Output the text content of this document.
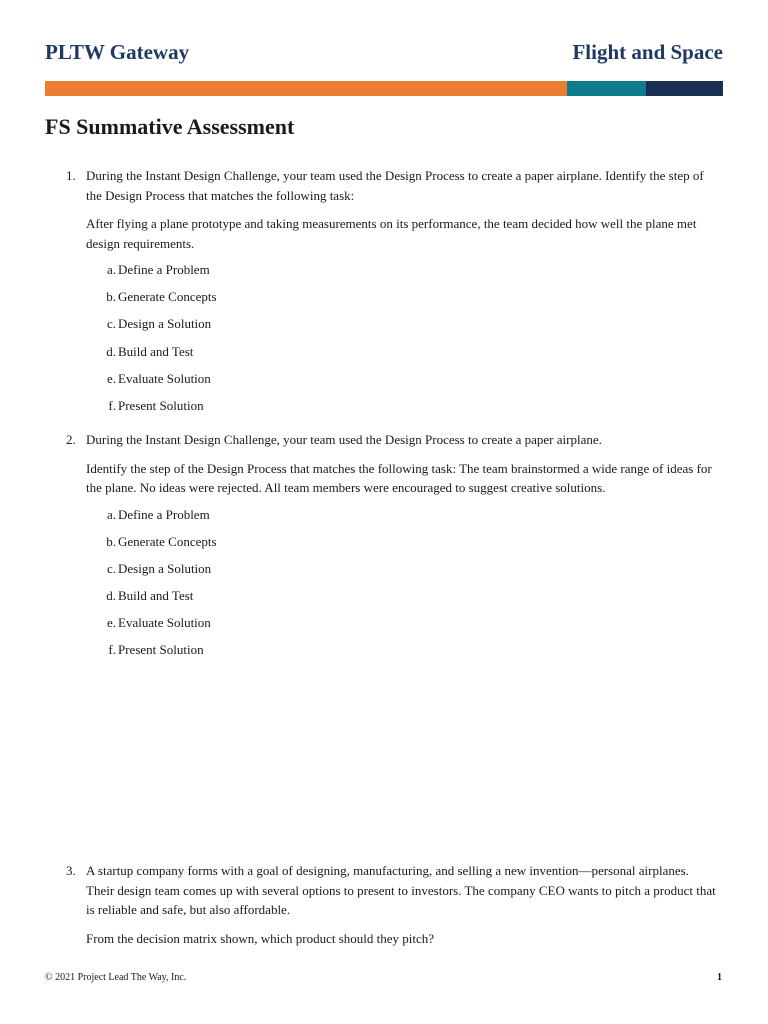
PLTW Gateway	Flight and Space
FS Summative Assessment
1. During the Instant Design Challenge, your team used the Design Process to create a paper airplane. Identify the step of the Design Process that matches the following task:

After flying a plane prototype and taking measurements on its performance, the team decided how well the plane met design requirements.

a. Define a Problem
b. Generate Concepts
c. Design a Solution
d. Build and Test
e. Evaluate Solution
f. Present Solution
2. During the Instant Design Challenge, your team used the Design Process to create a paper airplane.

Identify the step of the Design Process that matches the following task: The team brainstormed a wide range of ideas for the plane. No ideas were rejected. All team members were encouraged to suggest creative solutions.

a. Define a Problem
b. Generate Concepts
c. Design a Solution
d. Build and Test
e. Evaluate Solution
f. Present Solution
3. A startup company forms with a goal of designing, manufacturing, and selling a new invention—personal airplanes. Their design team comes up with several options to present to investors. The company CEO wants to pitch a product that is reliable and safe, but also affordable.

From the decision matrix shown, which product should they pitch?

© 2021 Project Lead The Way, Inc.	1
